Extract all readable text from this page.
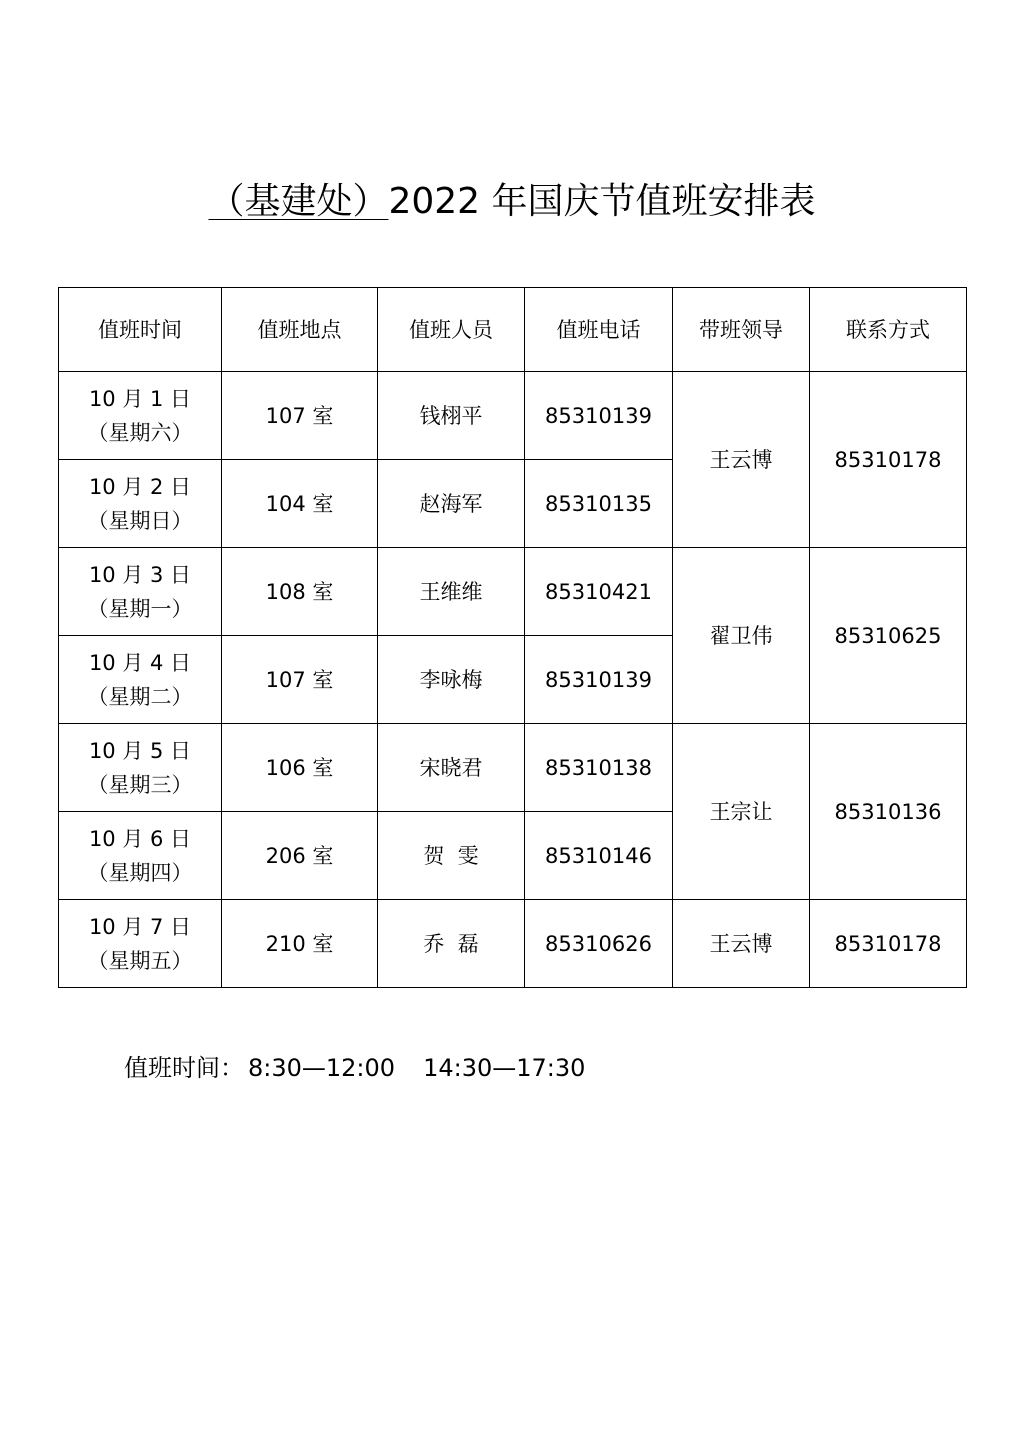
（基建处）2022 年国庆节值班安排表
值班时间	值班地点	值班人员	值班电话	带班领导	联系方式

10 月 1 日
（星期六）	107 室	钱栩平	85310139	王云博	85310178

10 月 2 日
（星期日）	104 室	赵海军	85310135		

10 月 3 日
（星期一）	108 室	王维维	85310421	翟卫伟	85310625

10 月 4 日
（星期二）	107 室	李咏梅	85310139		

10 月 5 日
（星期三）	106 室	宋晓君	85310138	王宗让	85310136

10 月 6 日
（星期四）	206 室	贺  雯	85310146		

10 月 7 日
（星期五）	210 室	乔  磊	85310626	王云博	85310178
值班时间： 8:30—12:00 14:30—17:30
